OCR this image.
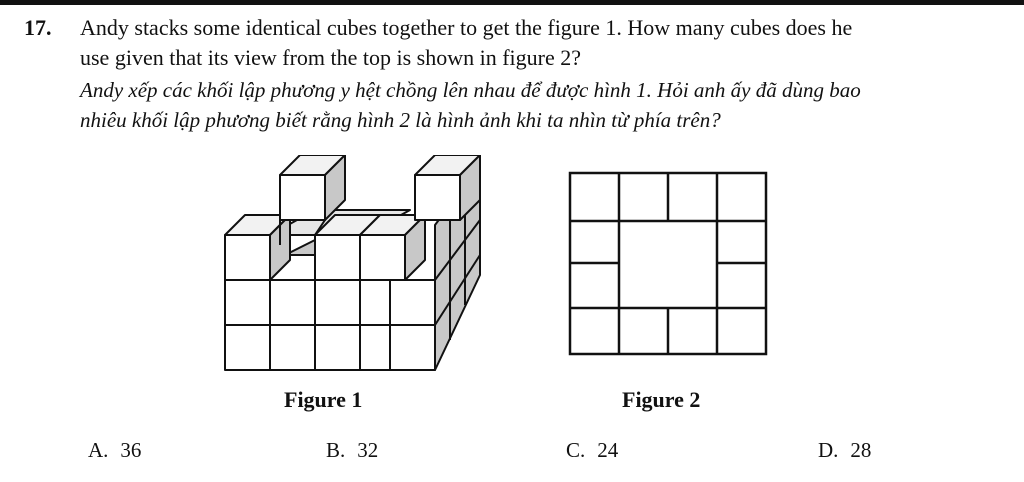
17. Andy stacks some identical cubes together to get the figure 1. How many cubes does he
use given that its view from the top is shown in figure 2?
Andy xếp các khối lập phương y hệt chồng lên nhau để được hình 1. Hỏi anh ấy đã dùng bao
nhiêu khối lập phương biết rằng hình 2 là hình ảnh khi ta nhìn từ phía trên?
Figure 1	Figure 2
A. 36	B. 32	C. 24	D. 28
